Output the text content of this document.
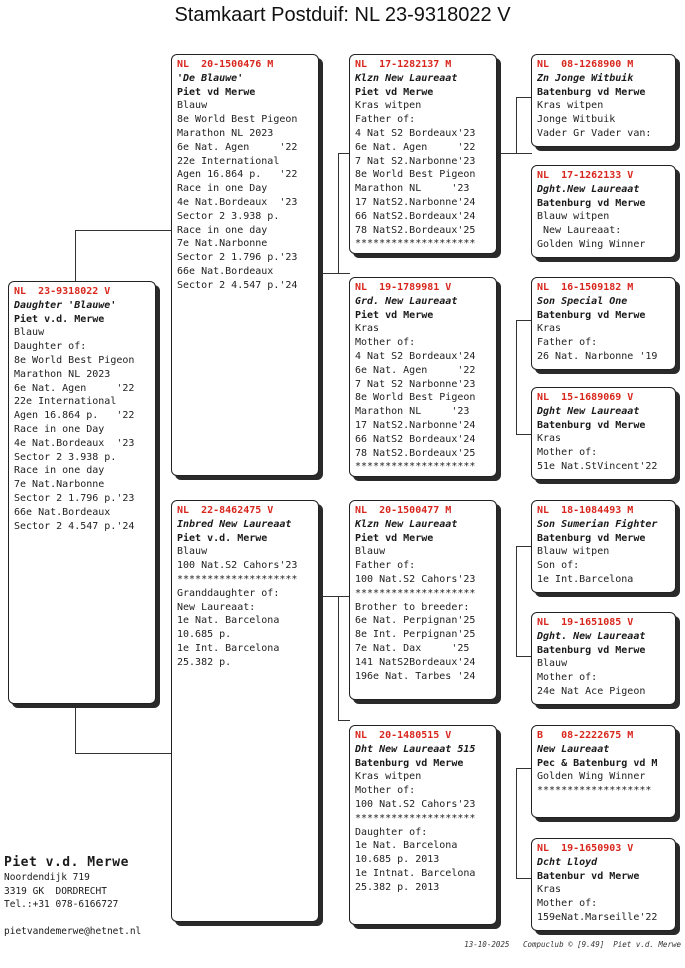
Stamkaart Postduif: NL 23-9318022 V
NL  23-9318022 V
Daughter 'Blauwe'
Piet v.d. Merwe
Blauw
Daughter of:
8e World Best Pigeon
Marathon NL 2023
6e Nat. Agen     '22
22e International
Agen 16.864 p.   '22
Race in one Day
4e Nat.Bordeaux  '23
Sector 2 3.938 p.
Race in one day
7e Nat.Narbonne
Sector 2 1.796 p.'23
66e Nat.Bordeaux
Sector 2 4.547 p.'24
NL  20-1500476 M
'De Blauwe'
Piet vd Merwe
Blauw
8e World Best Pigeon
Marathon NL 2023
6e Nat. Agen     '22
22e International
Agen 16.864 p.   '22
Race in one Day
4e Nat.Bordeaux  '23
Sector 2 3.938 p.
Race in one day
7e Nat.Narbonne
Sector 2 1.796 p.'23
66e Nat.Bordeaux
Sector 2 4.547 p.'24
NL  22-8462475 V
Inbred New Laureaat
Piet v.d. Merwe
Blauw
100 Nat.S2 Cahors'23
********************
Granddaughter of:
New Laureaat:
1e Nat. Barcelona
10.685 p.
1e Int. Barcelona
25.382 p.
NL  17-1282137 M
Klzn New Laureaat
Piet vd Merwe
Kras witpen
Father of:
4 Nat S2 Bordeaux'23
6e Nat. Agen     '22
7 Nat S2.Narbonne'23
8e World Best Pigeon
Marathon NL     '23
17 NatS2.Narbonne'24
66 NatS2.Bordeaux'24
78 NatS2.Bordeaux'25
********************
NL  19-1789981 V
Grd. New Laureaat
Piet vd Merwe
Kras
Mother of:
4 Nat S2 Bordeaux'24
6e Nat. Agen     '22
7 Nat S2 Narbonne'23
8e World Best Pigeon
Marathon NL     '23
17 NatS2.Narbonne'24
66 NatS2 Bordeaux'24
78 NatS2.Bordeaux'25
********************
NL  20-1500477 M
Klzn New Laureaat
Piet vd Merwe
Blauw
Father of:
100 Nat.S2 Cahors'23
********************
Brother to breeder:
6e Nat. Perpignan'25
8e Int. Perpignan'25
7e Nat. Dax     '25
141 NatS2Bordeaux'24
196e Nat. Tarbes '24
NL  20-1480515 V
Dht New Laureaat 515
Batenburg vd Merwe
Kras witpen
Mother of:
100 Nat.S2 Cahors'23
********************
Daughter of:
1e Nat. Barcelona
10.685 p. 2013
1e Intnat. Barcelona
25.382 p. 2013
NL  08-1268900 M
Zn Jonge Witbuik
Batenburg vd Merwe
Kras witpen
Jonge Witbuik
Vader Gr Vader van:
NL  17-1262133 V
Dght.New Laureaat
Batenburg vd Merwe
Blauw witpen
New Laureaat:
Golden Wing Winner
NL  16-1509182 M
Son Special One
Batenburg vd Merwe
Kras
Father of:
26 Nat. Narbonne '19
NL  15-1689069 V
Dght New Laureaat
Batenburg vd Merwe
Kras
Mother of:
51e Nat.StVincent'22
NL  18-1084493 M
Son Sumerian Fighter
Batenburg vd Merwe
Blauw witpen
Son of:
1e Int.Barcelona
NL  19-1651085 V
Dght. New Laureaat
Batenburg vd Merwe
Blauw
Mother of:
24e Nat Ace Pigeon
B   08-2222675 M
New Laureaat
Pec & Batenburg vd M
Golden Wing Winner
*******************
NL  19-1650903 V
Dcht Lloyd
Batenbur vd Merwe
Kras
Mother of:
159eNat.Marseille'22
Piet v.d. Merwe
Noordendijk 719
3319 GK  DORDRECHT
Tel.:+31 078-6166727
pietvandemerwe@hetnet.nl
13-10-2025   Compuclub © [9.49]  Piet v.d. Merwe
